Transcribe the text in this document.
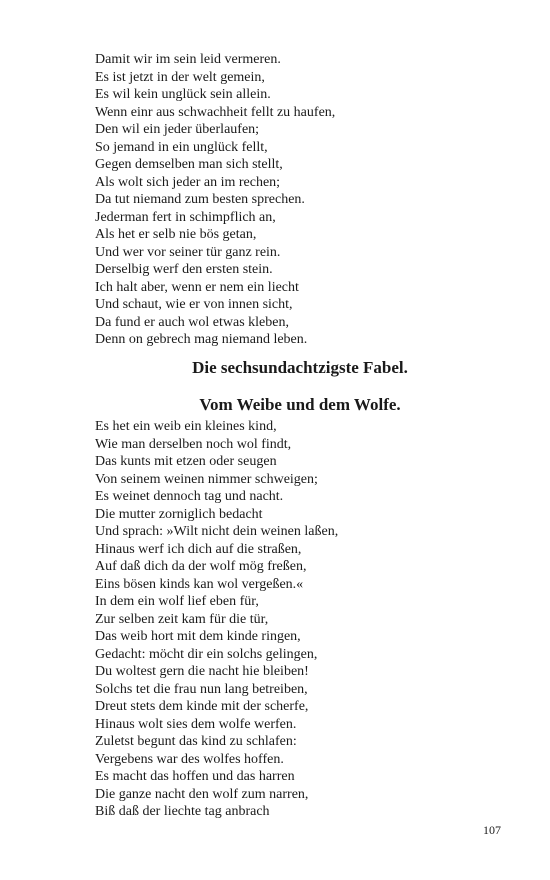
Damit wir im sein leid vermeren.
Es ist jetzt in der welt gemein,
Es wil kein unglück sein allein.
Wenn einr aus schwachheit fellt zu haufen,
Den wil ein jeder überlaufen;
So jemand in ein unglück fellt,
Gegen demselben man sich stellt,
Als wolt sich jeder an im rechen;
Da tut niemand zum besten sprechen.
Jederman fert in schimpflich an,
Als het er selb nie bös getan,
Und wer vor seiner tür ganz rein.
Derselbig werf den ersten stein.
Ich halt aber, wenn er nem ein liecht
Und schaut, wie er von innen sicht,
Da fund er auch wol etwas kleben,
Denn on gebrech mag niemand leben.
Die sechsundachtzigste Fabel.
Vom Weibe und dem Wolfe.
Es het ein weib ein kleines kind,
Wie man derselben noch wol findt,
Das kunts mit etzen oder seugen
Von seinem weinen nimmer schweigen;
Es weinet dennoch tag und nacht.
Die mutter zorniglich bedacht
Und sprach: »Wilt nicht dein weinen laßen,
Hinaus werf ich dich auf die straßen,
Auf daß dich da der wolf mög freßen,
Eins bösen kinds kan wol vergeßen.«
In dem ein wolf lief eben für,
Zur selben zeit kam für die tür,
Das weib hort mit dem kinde ringen,
Gedacht: möcht dir ein solchs gelingen,
Du woltest gern die nacht hie bleiben!
Solchs tet die frau nun lang betreiben,
Dreut stets dem kinde mit der scherfe,
Hinaus wolt sies dem wolfe werfen.
Zuletst begunt das kind zu schlafen:
Vergebens war des wolfes hoffen.
Es macht das hoffen und das harren
Die ganze nacht den wolf zum narren,
Biß daß der liechte tag anbrach
107
